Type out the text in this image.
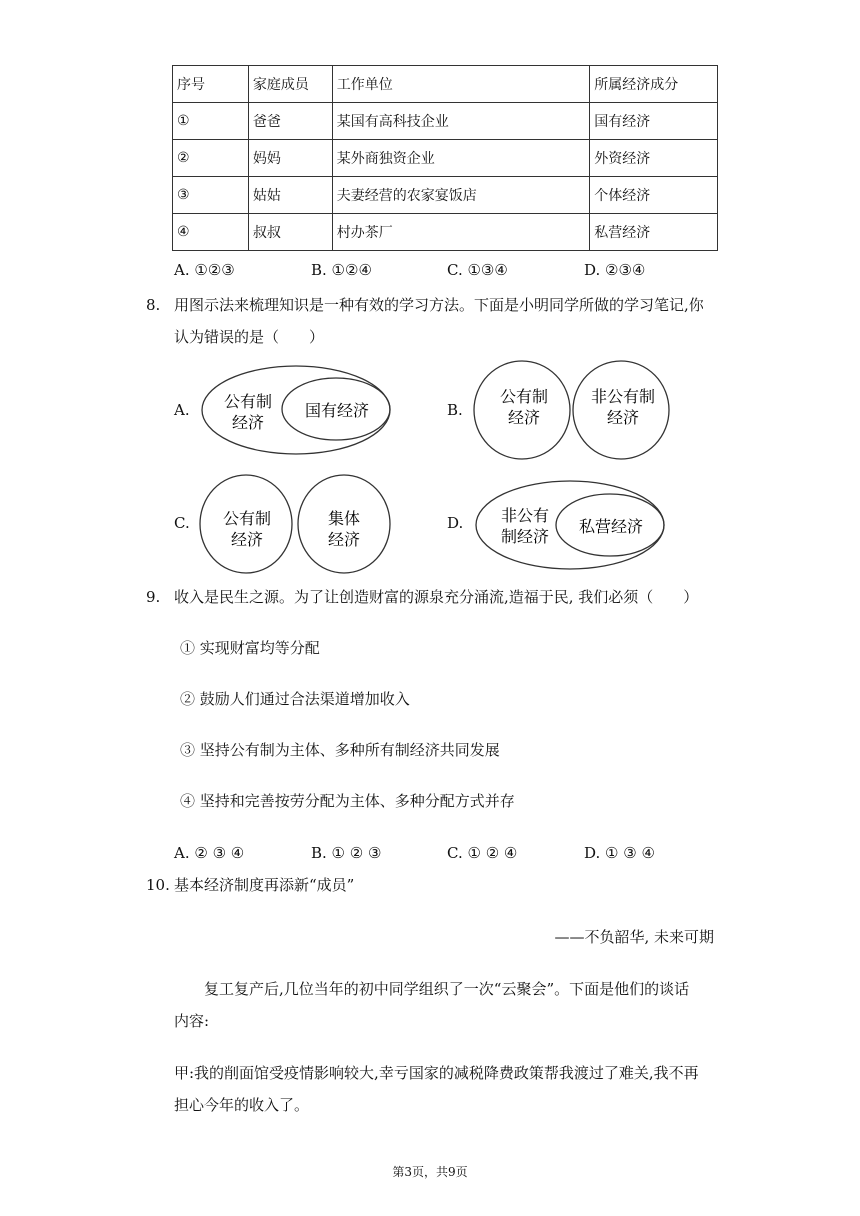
序号	家庭成员	工作单位	所属经济成分
①	爸爸	某国有高科技企业	国有经济
②	妈妈	某外商独资企业	外资经济
③	姑姑	夫妻经营的农家宴饭店	个体经济
④	叔叔	村办茶厂	私营经济
A. ①②③	B. ①②④	C. ①③④	D. ②③④
8. 用图示法来梳理知识是一种有效的学习方法。下面是小明同学所做的学习笔记,你
认为错误的是（　　）
A.	B.
C.	D.
公有制
经济
国有经济
公有制
经济
非公有制
经济
公有制
经济
集体
经济
非公有
制经济
私营经济
9. 收入是民生之源。为了让创造财富的源泉充分涌流,造福于民, 我们必须（　　）
① 实现财富均等分配
② 鼓励人们通过合法渠道增加收入
③ 坚持公有制为主体、多种所有制经济共同发展
④ 坚持和完善按劳分配为主体、多种分配方式并存
A. ② ③ ④	B. ① ② ③	C. ① ② ④	D. ① ③ ④
10. 基本经济制度再添新“成员”
——不负韶华, 未来可期
复工复产后,几位当年的初中同学组织了一次“云聚会”。下面是他们的谈话
内容:
甲:我的削面馆受疫情影响较大,幸亏国家的减税降费政策帮我渡过了难关,我不再
担心今年的收入了。
第3页，共9页
